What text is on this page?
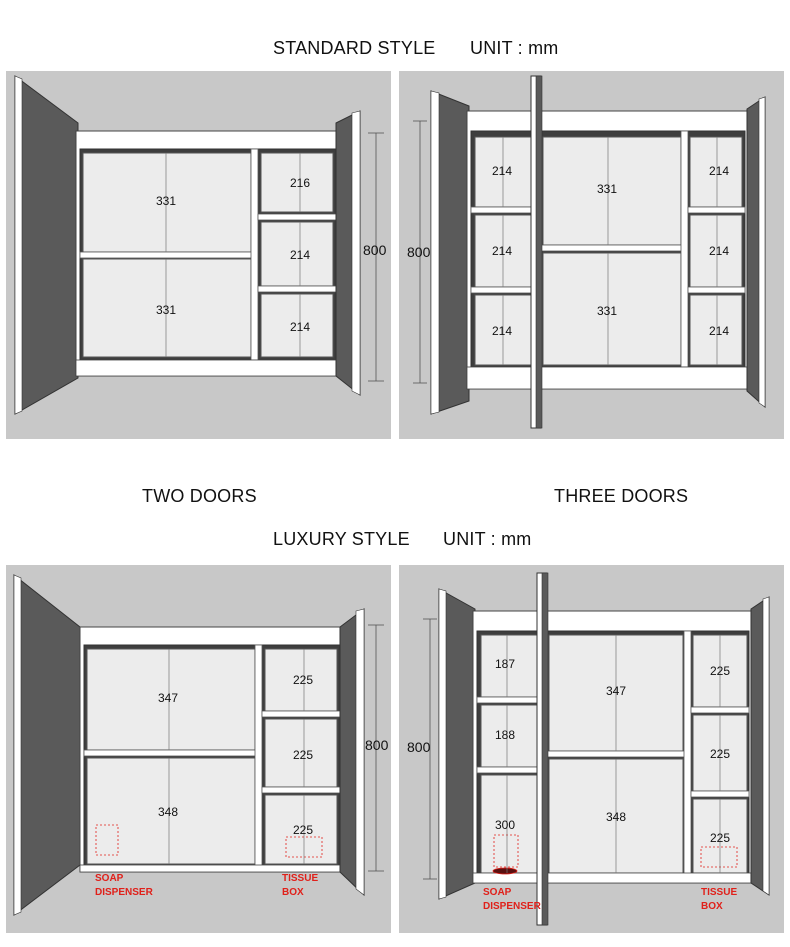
STANDARD STYLE UNIT : mm
TWO DOORS	THREE DOORS
LUXURY STYLE UNIT : mm
331
331
216
214
214
800 800
214
214
214
331
331
214
214
214
347
348
225
225
225
800
SOAP
DISPENSER
TISSUE
BOX
800
187
188
300
347
348
225
225
225
SOAP
DISPENSER
TISSUE
BOX
